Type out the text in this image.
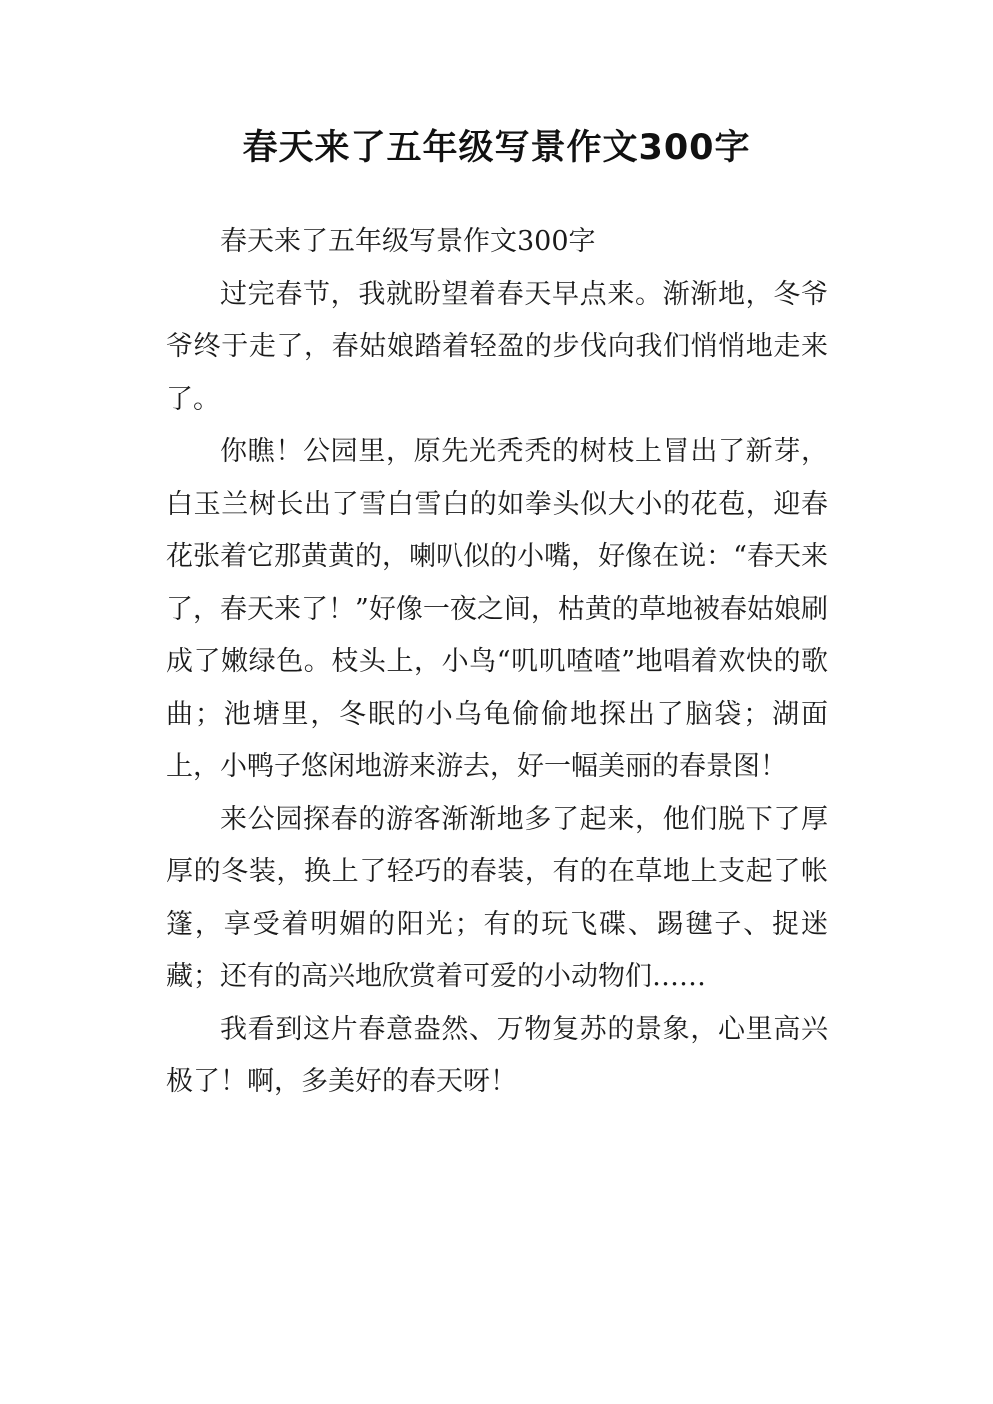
春天来了五年级写景作文300字

春天来了五年级写景作文300字

过完春节，我就盼望着春天早点来。渐渐地，冬爷爷终于走了，春姑娘踏着轻盈的步伐向我们悄悄地走来了。

你瞧！公园里，原先光秃秃的树枝上冒出了新芽，白玉兰树长出了雪白雪白的如拳头似大小的花苞，迎春花张着它那黄黄的，喇叭似的小嘴，好像在说：“春天来了，春天来了！”好像一夜之间，枯黄的草地被春姑娘刷成了嫩绿色。枝头上，小鸟“叽叽喳喳”地唱着欢快的歌曲；池塘里，冬眠的小乌龟偷偷地探出了脑袋；湖面上，小鸭子悠闲地游来游去，好一幅美丽的春景图！

来公园探春的游客渐渐地多了起来，他们脱下了厚厚的冬装，换上了轻巧的春装，有的在草地上支起了帐篷，享受着明媚的阳光；有的玩飞碟、踢毽子、捉迷藏；还有的高兴地欣赏着可爱的小动物们……

我看到这片春意盎然、万物复苏的景象，心里高兴极了！啊，多美好的春天呀！
